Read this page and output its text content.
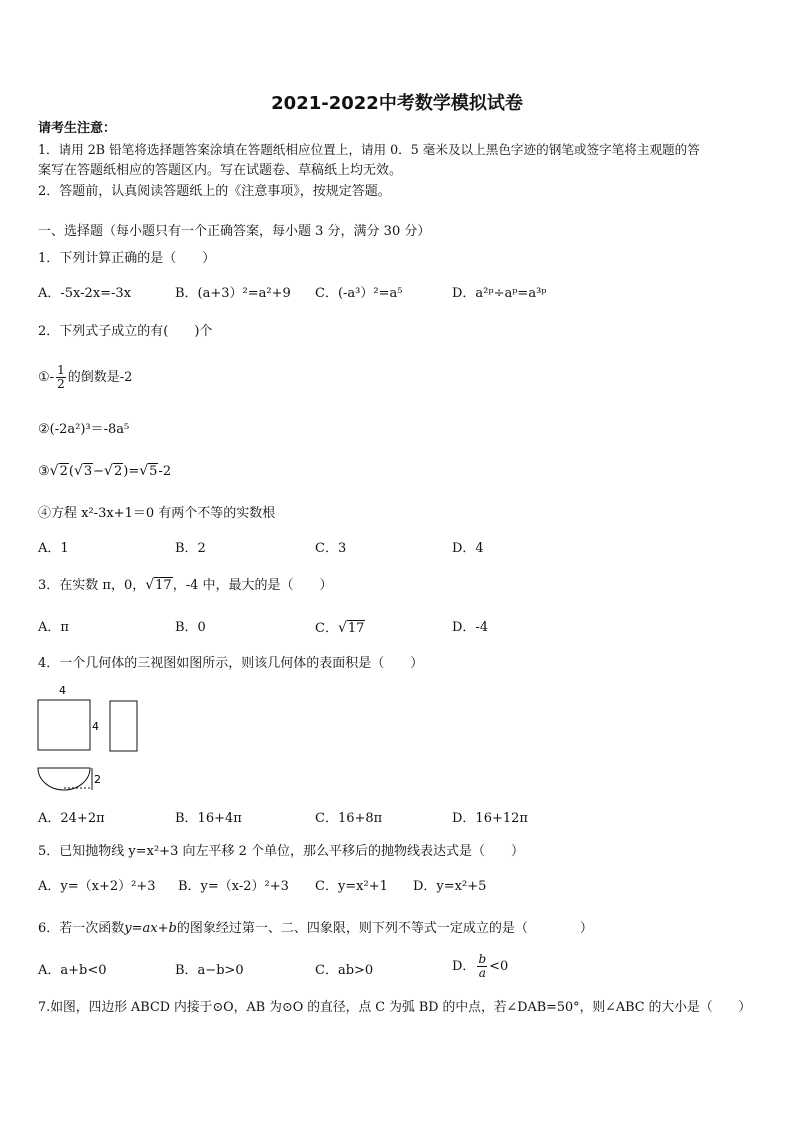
2021-2022中考数学模拟试卷
请考生注意：
1．请用 2B 铅笔将选择题答案涂填在答题纸相应位置上，请用 0．5 毫米及以上黑色字迹的钢笔或签字笔将主观题的答
案写在答题纸相应的答题区内。写在试题卷、草稿纸上均无效。
2．答题前，认真阅读答题纸上的《注意事项》，按规定答题。
一、选择题（每小题只有一个正确答案，每小题 3 分，满分 30 分）
1．下列计算正确的是（　　）
A．-5x-2x=-3x	B．(a+3）²=a²+9 C．(-a³）²=a⁵	D．a²ᵖ÷aᵖ=a³ᵖ
2．下列式子成立的有(　　)个
①- $\frac{1}{2}$ 的倒数是-2
②(-2a²)³＝-8a⁵
③√2(√3−√2)=√5-2
④方程 x²-3x+1＝0 有两个不等的实数根
A．1	B．2	C．3	D．4
3．在实数 π，0，√17，-4 中，最大的是（　　）
A．π	B．0	C．√17	D．-4
4．一个几何体的三视图如图所示，则该几何体的表面积是（　　）
4
4
2
A．24+2π	B．16+4π	C．16+8π	D．16+12π
5．已知抛物线 y=x²+3 向左平移 2 个单位，那么平移后的抛物线表达式是（　　）
A．y=（x+2）²+3 B．y=（x-2）²+3 C．y=x²+1 D．y=x²+5
6．若一次函数y=ax+b的图象经过第一、二、四象限，则下列不等式一定成立的是（　　　　）
A．a+b<0	B．a−b>0	C．ab>0	D． $\frac{b}{a} <0$
7.如图，四边形 ABCD 内接于⊙O，AB 为⊙O 的直径，点 C 为弧 BD 的中点，若∠DAB=50°，则∠ABC 的大小是（　　）
